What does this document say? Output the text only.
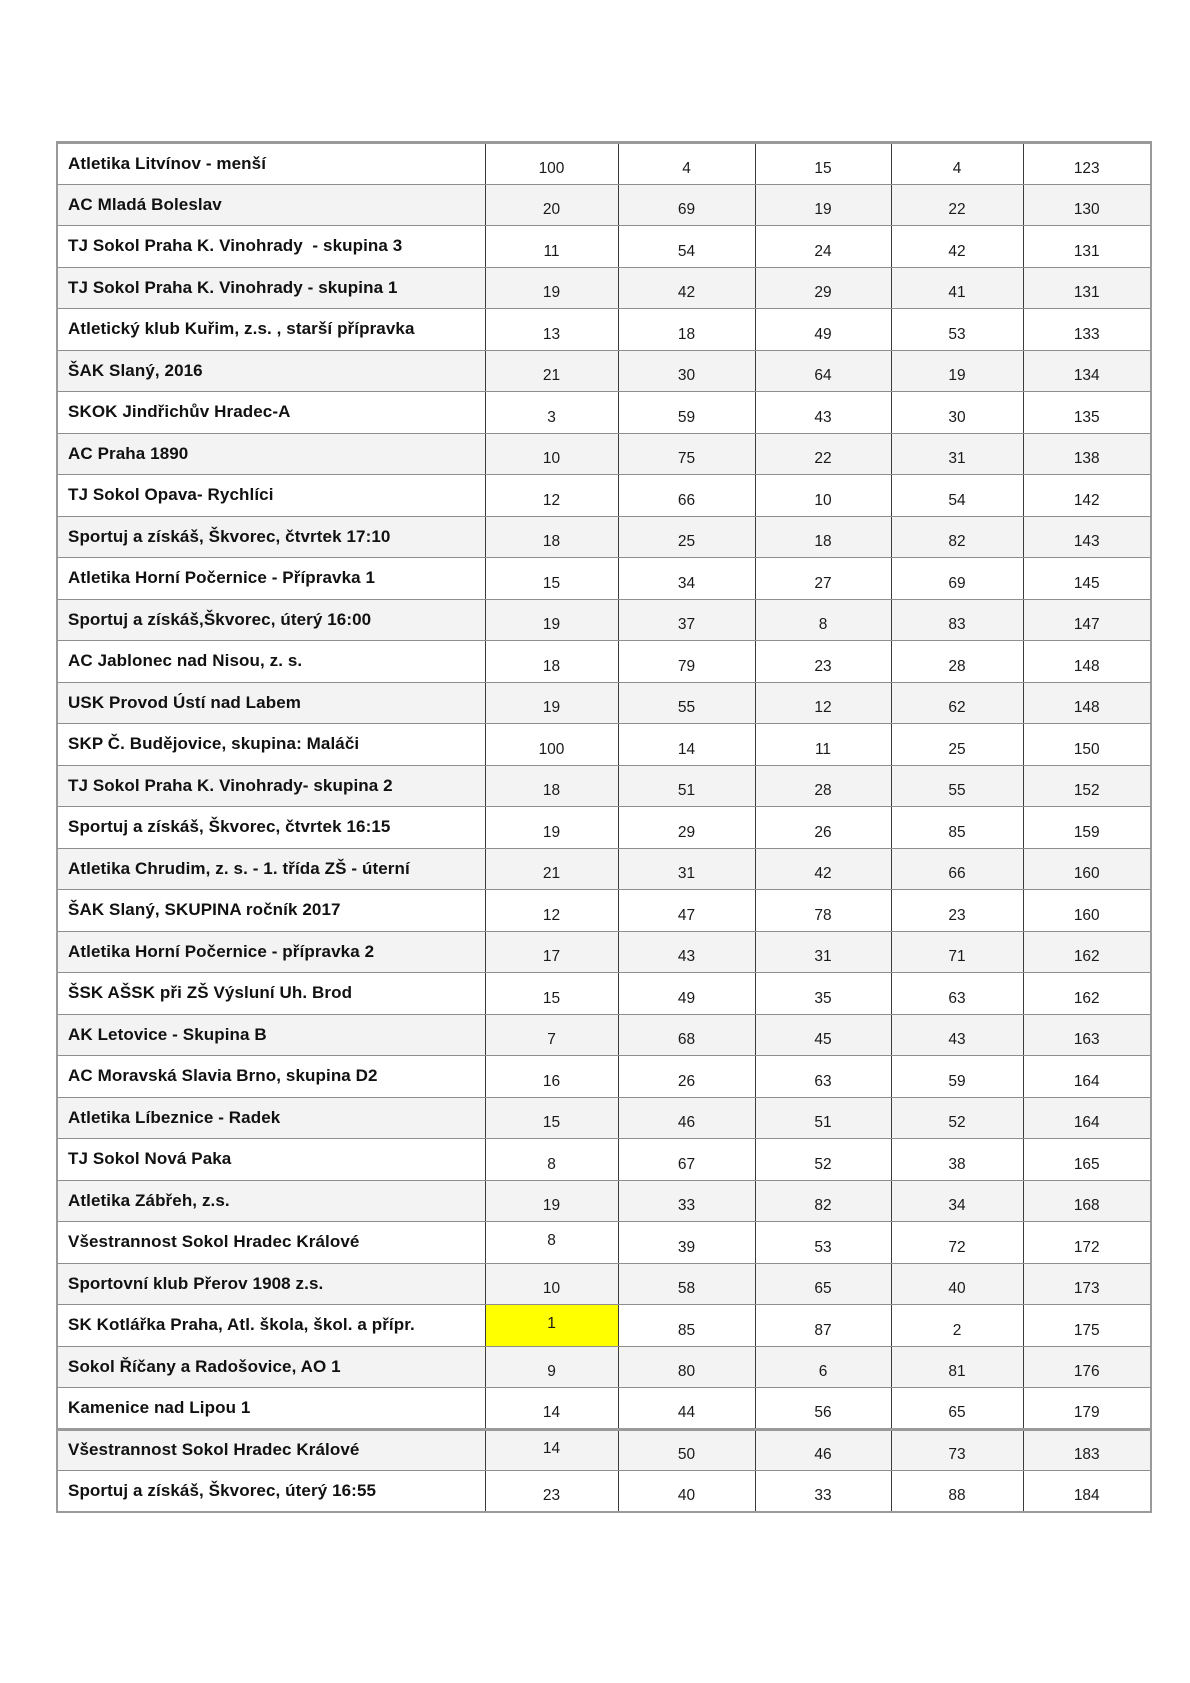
Atletika Litvínov - menší	100	4	15	4	123
AC Mladá Boleslav	20	69	19	22	130
TJ Sokol Praha K. Vinohrady  - skupina 3	11	54	24	42	131
TJ Sokol Praha K. Vinohrady - skupina 1	19	42	29	41	131
Atletický klub Kuřim, z.s. , starší přípravka	13	18	49	53	133
ŠAK Slaný, 2016	21	30	64	19	134
SKOK Jindřichův Hradec-A	3	59	43	30	135
AC Praha 1890	10	75	22	31	138
TJ Sokol Opava- Rychlíci	12	66	10	54	142
Sportuj a získáš, Škvorec, čtvrtek 17:10	18	25	18	82	143
Atletika Horní Počernice - Přípravka 1	15	34	27	69	145
Sportuj a získáš,Škvorec, úterý 16:00	19	37	8	83	147
AC Jablonec nad Nisou, z. s.	18	79	23	28	148
USK Provod Ústí nad Labem	19	55	12	62	148
SKP Č. Budějovice, skupina: Maláči	100	14	11	25	150
TJ Sokol Praha K. Vinohrady- skupina 2	18	51	28	55	152
Sportuj a získáš, Škvorec, čtvrtek 16:15	19	29	26	85	159
Atletika Chrudim, z. s. - 1. třída ZŠ - úterní	21	31	42	66	160
ŠAK Slaný, SKUPINA ročník 2017	12	47	78	23	160
Atletika Horní Počernice - přípravka 2	17	43	31	71	162
ŠSK AŠSK při ZŠ Výsluní Uh. Brod	15	49	35	63	162
AK Letovice - Skupina B	7	68	45	43	163
AC Moravská Slavia Brno, skupina D2	16	26	63	59	164
Atletika Líbeznice - Radek	15	46	51	52	164
TJ Sokol Nová Paka	8	67	52	38	165
Atletika Zábřeh, z.s.	19	33	82	34	168
Všestrannost Sokol Hradec Králové	8	39	53	72	172
Sportovní klub Přerov 1908 z.s.	10	58	65	40	173
SK Kotlářka Praha, Atl. škola, škol. a přípr.	1	85	87	2	175
Sokol Říčany a Radošovice, AO 1	9	80	6	81	176
Kamenice nad Lipou 1	14	44	56	65	179
Všestrannost Sokol Hradec Králové	14	50	46	73	183
Sportuj a získáš, Škvorec, úterý 16:55	23	40	33	88	184
